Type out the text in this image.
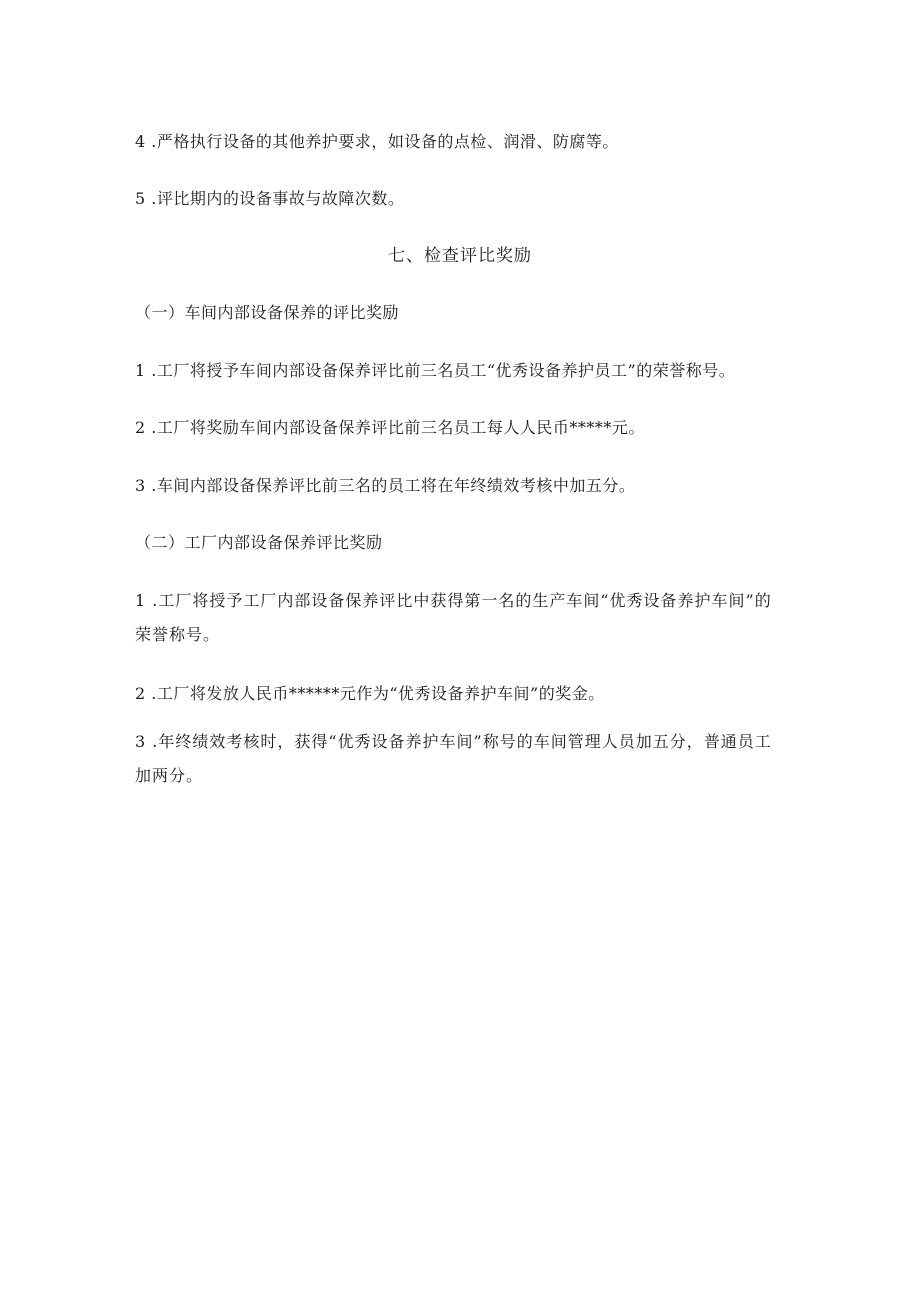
4 .严格执行设备的其他养护要求，如设备的点检、润滑、防腐等。
5 .评比期内的设备事故与故障次数。
七、检查评比奖励
（一）车间内部设备保养的评比奖励
1 .工厂将授予车间内部设备保养评比前三名员工“优秀设备养护员工”的荣誉称号。
2 .工厂将奖励车间内部设备保养评比前三名员工每人人民币*****元。
3 .车间内部设备保养评比前三名的员工将在年终绩效考核中加五分。
（二）工厂内部设备保养评比奖励
1 .工厂将授予工厂内部设备保养评比中获得第一名的生产车间“优秀设备养护车间”的荣誉称号。
2 .工厂将发放人民币******元作为“优秀设备养护车间”的奖金。
3 .年终绩效考核时，获得“优秀设备养护车间”称号的车间管理人员加五分，普通员工加两分。
